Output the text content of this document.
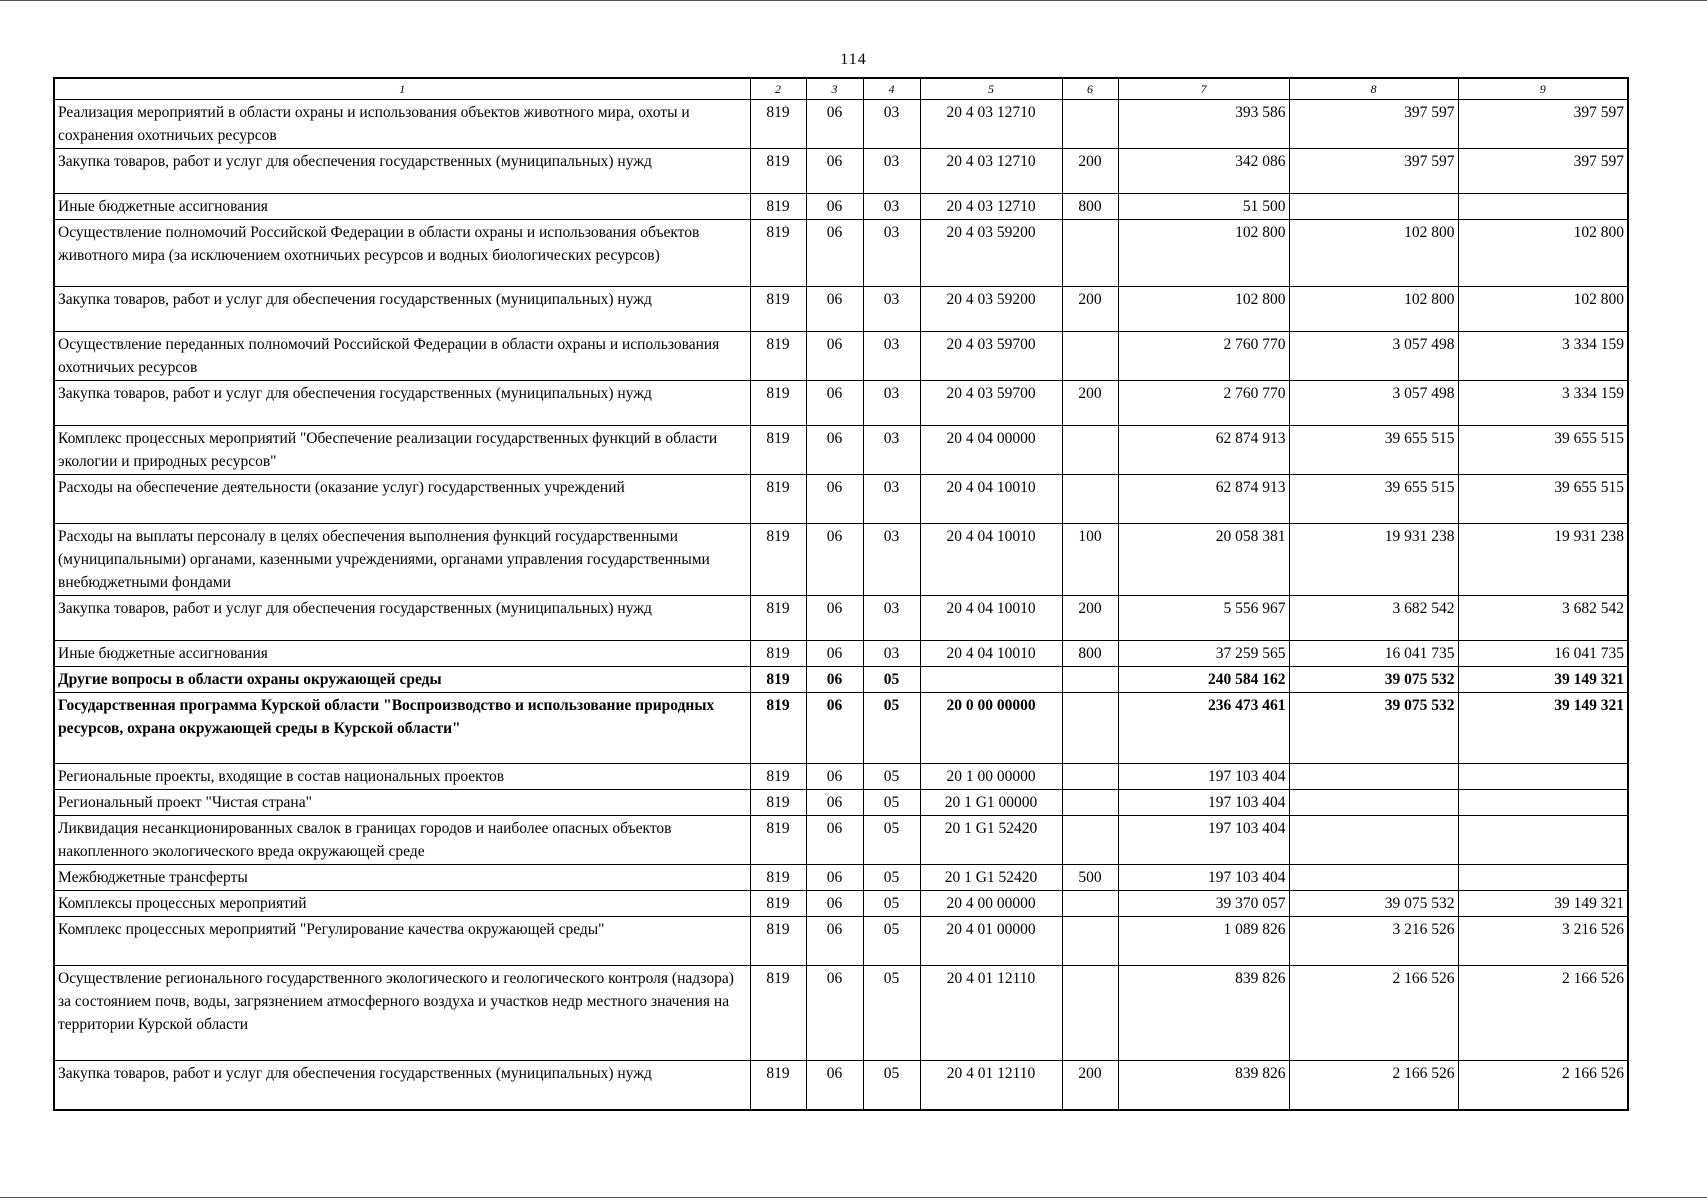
114
1	2	3	4	5	6	7	8	9
Реализация мероприятий в области охраны и использования объектов животного мира, охоты и сохранения охотничьих ресурсов	819	06	03	20 4 03 12710		393 586	397 597	397 597
Закупка товаров, работ и услуг для обеспечения государственных (муниципальных) нужд	819	06	03	20 4 03 12710	200	342 086	397 597	397 597
Иные бюджетные ассигнования	819	06	03	20 4 03 12710	800	51 500		
Осуществление полномочий Российской Федерации в области охраны и использования объектов животного мира (за исключением охотничьих ресурсов и водных биологических ресурсов)	819	06	03	20 4 03 59200		102 800	102 800	102 800
Закупка товаров, работ и услуг для обеспечения государственных (муниципальных) нужд	819	06	03	20 4 03 59200	200	102 800	102 800	102 800
Осуществление переданных полномочий Российской Федерации в области охраны и использования охотничьих ресурсов	819	06	03	20 4 03 59700		2 760 770	3 057 498	3 334 159
Закупка товаров, работ и услуг для обеспечения государственных (муниципальных) нужд	819	06	03	20 4 03 59700	200	2 760 770	3 057 498	3 334 159
Комплекс процессных мероприятий "Обеспечение реализации государственных функций в области экологии и природных ресурсов"	819	06	03	20 4 04 00000		62 874 913	39 655 515	39 655 515
Расходы на обеспечение деятельности (оказание услуг) государственных учреждений	819	06	03	20 4 04 10010		62 874 913	39 655 515	39 655 515
Расходы на выплаты персоналу в целях обеспечения выполнения функций государственными (муниципальными) органами, казенными учреждениями, органами управления государственными внебюджетными фондами	819	06	03	20 4 04 10010	100	20 058 381	19 931 238	19 931 238
Закупка товаров, работ и услуг для обеспечения государственных (муниципальных) нужд	819	06	03	20 4 04 10010	200	5 556 967	3 682 542	3 682 542
Иные бюджетные ассигнования	819	06	03	20 4 04 10010	800	37 259 565	16 041 735	16 041 735
Другие вопросы в области охраны окружающей среды	819	06	05			240 584 162	39 075 532	39 149 321
Государственная программа Курской области "Воспроизводство и использование природных ресурсов, охрана окружающей среды в Курской области"	819	06	05	20 0 00 00000		236 473 461	39 075 532	39 149 321
Региональные проекты, входящие в состав национальных проектов	819	06	05	20 1 00 00000		197 103 404		
Региональный проект "Чистая страна"	819	06	05	20 1 G1 00000		197 103 404		
Ликвидация несанкционированных свалок в границах городов и наиболее опасных объектов накопленного экологического вреда окружающей среде	819	06	05	20 1 G1 52420		197 103 404		
Межбюджетные трансферты	819	06	05	20 1 G1 52420	500	197 103 404		
Комплексы процессных мероприятий	819	06	05	20 4 00 00000		39 370 057	39 075 532	39 149 321
Комплекс процессных мероприятий "Регулирование качества окружающей среды"	819	06	05	20 4 01 00000		1 089 826	3 216 526	3 216 526
Осуществление регионального государственного экологического и геологического контроля (надзора) за состоянием почв, воды, загрязнением атмосферного воздуха и участков недр местного значения на территории Курской области	819	06	05	20 4 01 12110		839 826	2 166 526	2 166 526
Закупка товаров, работ и услуг для обеспечения государственных (муниципальных) нужд	819	06	05	20 4 01 12110	200	839 826	2 166 526	2 166 526
